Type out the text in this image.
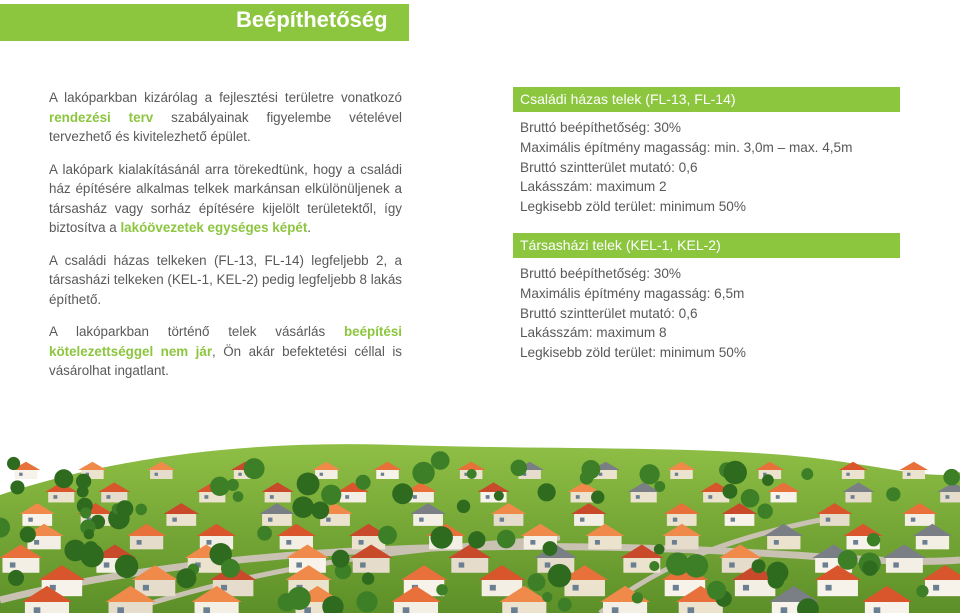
Beépíthetőség

A lakóparkban kizárólag a fejlesztési területre vonatkozó rendezési terv szabályainak figyelembe vételével tervezhető és kivitelezhető épület.

A lakópark kialakításánál arra törekedtünk, hogy a családi ház építésére alkalmas telkek markánsan elkülönüljenek a társasház vagy sorház építésére kijelölt területektől, így biztosítva a lakóövezetek egységes képét.

A családi házas telkeken (FL-13, FL-14) legfeljebb 2, a társasházi telkeken (KEL-1, KEL-2) pedig legfeljebb 8 lakás építhető.

A lakóparkban történő telek vásárlás beépítési kötelezettséggel nem jár, Ön akár befektetési céllal is vásárolhat ingatlant.

Családi házas telek (FL-13, FL-14)
Bruttó beépíthetőség: 30%
Maximális építmény magasság: min. 3,0m – max. 4,5m
Bruttó szintterület mutató: 0,6
Lakásszám: maximum 2
Legkisebb zöld terület: minimum 50%
Társasházi telek (KEL-1, KEL-2)
Bruttó beépíthetőség: 30%
Maximális építmény magasság: 6,5m
Bruttó szintterület mutató: 0,6
Lakásszám: maximum 8
Legkisebb zöld terület: minimum 50%
